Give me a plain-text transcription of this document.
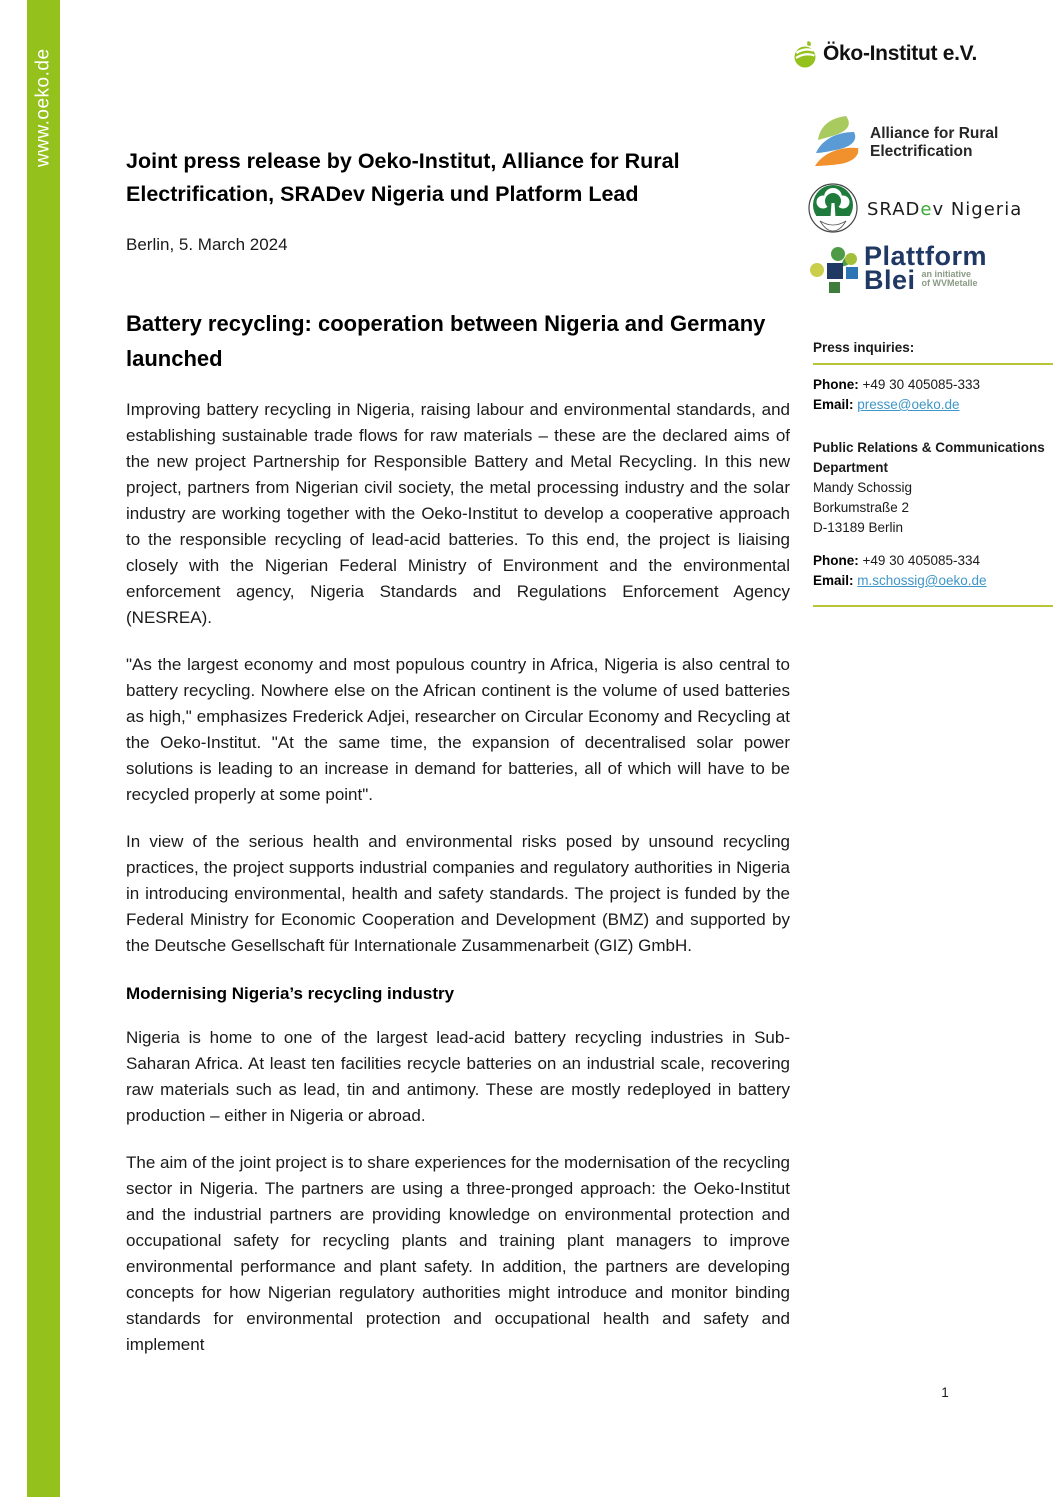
www.oeko.de	Öko-Institut e.V.
Alliance for Rural
Electrification
SRADev Nigeria
Plattform
Blei an initiative
of WVMetalle
Press inquiries:
Phone: +49 30 405085-333
Email: presse@oeko.de
Public Relations & Communications Department
Mandy Schossig
Borkumstraße 2
D-13189 Berlin
Phone: +49 30 405085-334
Email: m.schossig@oeko.de
Joint press release by Oeko-Institut, Alliance for Rural Electrification, SRADev Nigeria und Platform Lead

Berlin, 5. March 2024

Battery recycling: cooperation between Nigeria and Germany launched

Improving battery recycling in Nigeria, raising labour and environmental standards, and establishing sustainable trade flows for raw materials – these are the declared aims of the new project Partnership for Responsible Battery and Metal Recycling. In this new project, partners from Nigerian civil society, the metal processing industry and the solar industry are working together with the Oeko-Institut to develop a cooperative approach to the responsible recycling of lead-acid batteries. To this end, the project is liaising closely with the Nigerian Federal Ministry of Environment and the environmental enforcement agency, Nigeria Standards and Regulations Enforcement Agency (NESREA).

"As the largest economy and most populous country in Africa, Nigeria is also central to battery recycling. Nowhere else on the African continent is the volume of used batteries as high," emphasizes Frederick Adjei, researcher on Circular Economy and Recycling at the Oeko-Institut. "At the same time, the expansion of decentralised solar power solutions is leading to an increase in demand for batteries, all of which will have to be recycled properly at some point".

In view of the serious health and environmental risks posed by unsound recycling practices, the project supports industrial companies and regulatory authorities in Nigeria in introducing environmental, health and safety standards. The project is funded by the Federal Ministry for Economic Cooperation and Development (BMZ) and supported by the Deutsche Gesellschaft für Internationale Zusammenarbeit (GIZ) GmbH.

Modernising Nigeria’s recycling industry

Nigeria is home to one of the largest lead-acid battery recycling industries in Sub-Saharan Africa. At least ten facilities recycle batteries on an industrial scale, recovering raw materials such as lead, tin and antimony. These are mostly redeployed in battery production – either in Nigeria or abroad.

The aim of the joint project is to share experiences for the modernisation of the recycling sector in Nigeria. The partners are using a three-pronged approach: the Oeko-Institut and the industrial partners are providing knowledge on environmental protection and occupational safety for recycling plants and training plant managers to improve environmental performance and plant safety. In addition, the partners are developing concepts for how Nigerian regulatory authorities might introduce and monitor binding standards for environmental protection and occupational health and safety and implement

1
